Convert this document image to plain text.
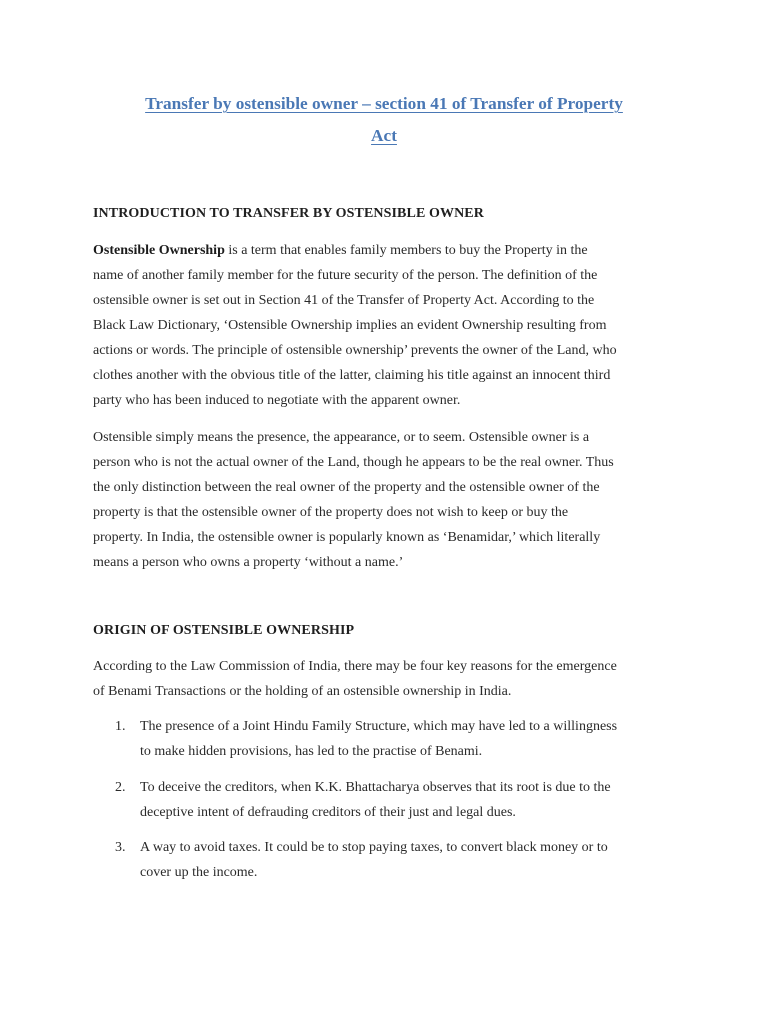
Transfer by ostensible owner – section 41 of Transfer of Property
Act
INTRODUCTION TO TRANSFER BY OSTENSIBLE OWNER
Ostensible Ownership is a term that enables family members to buy the Property in the
name of another family member for the future security of the person. The definition of the
ostensible owner is set out in Section 41 of the Transfer of Property Act. According to the
Black Law Dictionary, ‘Ostensible Ownership implies an evident Ownership resulting from
actions or words. The principle of ostensible ownership’ prevents the owner of the Land, who
clothes another with the obvious title of the latter, claiming his title against an innocent third
party who has been induced to negotiate with the apparent owner.
Ostensible simply means the presence, the appearance, or to seem. Ostensible owner is a
person who is not the actual owner of the Land, though he appears to be the real owner. Thus
the only distinction between the real owner of the property and the ostensible owner of the
property is that the ostensible owner of the property does not wish to keep or buy the
property. In India, the ostensible owner is popularly known as ‘Benamidar,’ which literally
means a person who owns a property ‘without a name.’
ORIGIN OF OSTENSIBLE OWNERSHIP
According to the Law Commission of India, there may be four key reasons for the emergence
of Benami Transactions or the holding of an ostensible ownership in India.
1. The presence of a Joint Hindu Family Structure, which may have led to a willingness
to make hidden provisions, has led to the practise of Benami.
2. To deceive the creditors, when K.K. Bhattacharya observes that its root is due to the
deceptive intent of defrauding creditors of their just and legal dues.
3. A way to avoid taxes. It could be to stop paying taxes, to convert black money or to
cover up the income.
